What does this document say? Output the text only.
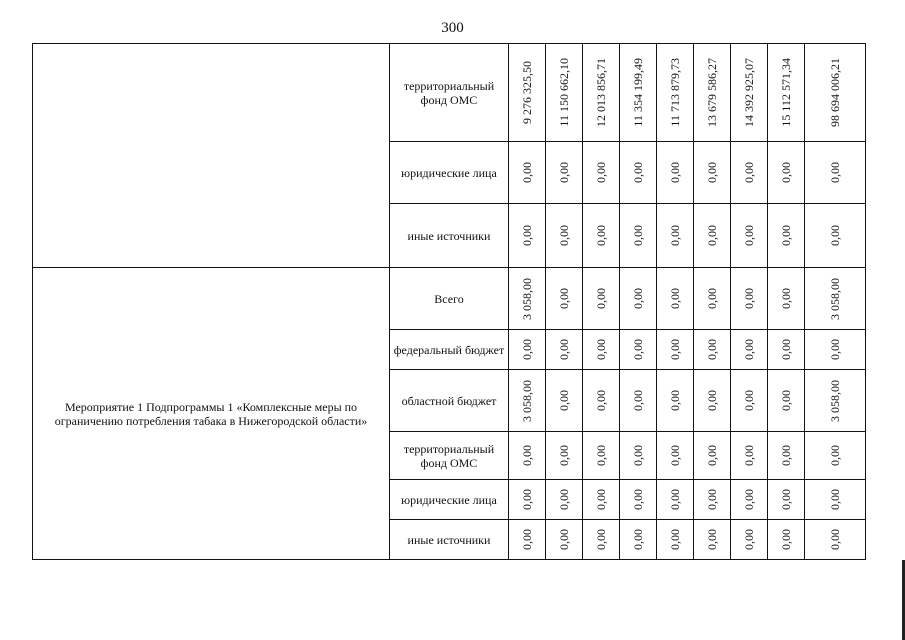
300
	территориальный фонд ОМС	9 276 325,50	11 150 662,10	12 013 856,71	11 354 199,49	11 713 879,73	13 679 586,27	14 392 925,07	15 112 571,34	98 694 006,21

	юридические лица	0,00	0,00	0,00	0,00	0,00	0,00	0,00	0,00	0,00

	иные источники	0,00	0,00	0,00	0,00	0,00	0,00	0,00	0,00	0,00

Мероприятие 1 Подпрограммы 1 «Комплексные меры по ограничению потребления табака в Нижегородской области»	Всего	3 058,00	0,00	0,00	0,00	0,00	0,00	0,00	0,00	3 058,00

	федеральный бюджет	0,00	0,00	0,00	0,00	0,00	0,00	0,00	0,00	0,00

	областной бюджет	3 058,00	0,00	0,00	0,00	0,00	0,00	0,00	0,00	3 058,00

	территориальный фонд ОМС	0,00	0,00	0,00	0,00	0,00	0,00	0,00	0,00	0,00

	юридические лица	0,00	0,00	0,00	0,00	0,00	0,00	0,00	0,00	0,00

	иные источники	0,00	0,00	0,00	0,00	0,00	0,00	0,00	0,00	0,00
